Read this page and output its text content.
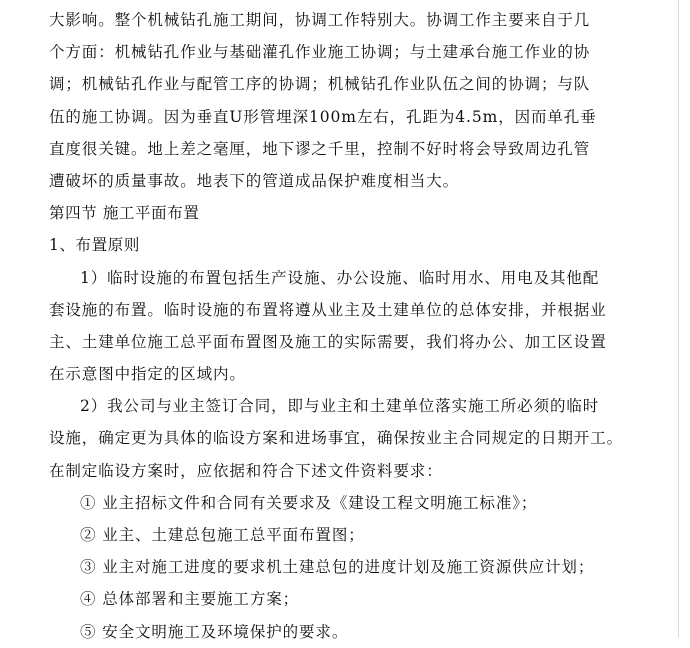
大影响。整个机械钻孔施工期间，协调工作特别大。协调工作主要来自于几
个方面：机械钻孔作业与基础灌孔作业施工协调；与土建承台施工作业的协
调；机械钻孔作业与配管工序的协调；机械钻孔作业队伍之间的协调；与队
伍的施工协调。因为垂直U形管埋深100m左右，孔距为4.5m，因而单孔垂
直度很关键。地上差之毫厘，地下谬之千里，控制不好时将会导致周边孔管
遭破坏的质量事故。地表下的管道成品保护难度相当大。
第四节 施工平面布置
1、布置原则
1）临时设施的布置包括生产设施、办公设施、临时用水、用电及其他配
套设施的布置。临时设施的布置将遵从业主及土建单位的总体安排，并根据业
主、土建单位施工总平面布置图及施工的实际需要，我们将办公、加工区设置
在示意图中指定的区域内。
2）我公司与业主签订合同，即与业主和土建单位落实施工所必须的临时
设施，确定更为具体的临设方案和进场事宜，确保按业主合同规定的日期开工。
在制定临设方案时，应依据和符合下述文件资料要求：
① 业主招标文件和合同有关要求及《建设工程文明施工标准》；
② 业主、土建总包施工总平面布置图；
③ 业主对施工进度的要求机土建总包的进度计划及施工资源供应计划；
④ 总体部署和主要施工方案；
⑤ 安全文明施工及环境保护的要求。
